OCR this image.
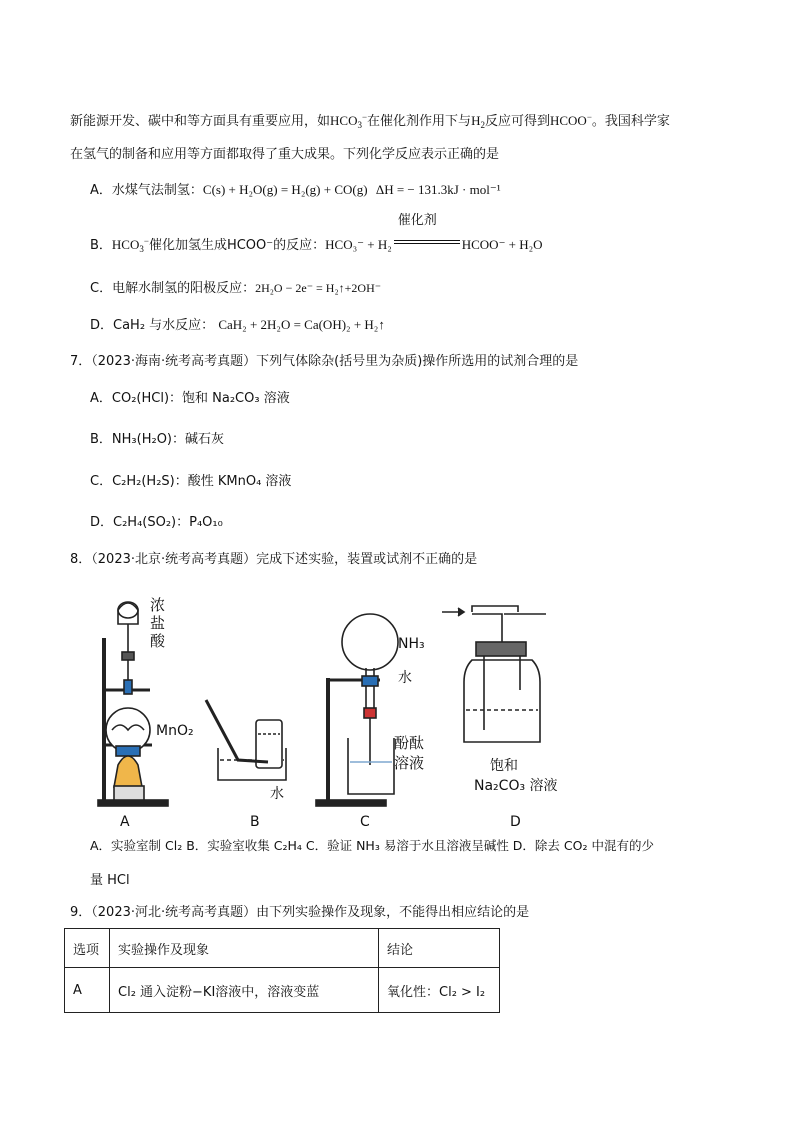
新能源开发、碳中和等方面具有重要应用，如$HCO_3^-$在催化剂作用下与$H_2$反应可得到HCOO−。我国科学家
在氢气的制备和应用等方面都取得了重大成果。下列化学反应表示正确的是
A．水煤气法制氢：C(s) + H₂O(g) = H₂(g) + CO(g) ΔH = − 131.3kJ · mol⁻¹
B．$HCO_3^-$催化加氢生成HCOO⁻的反应：HCO₃⁻ + H₂
催化剂
HCOO⁻ + H₂O
C．电解水制氢的阳极反应：2H₂O − 2e⁻ = H₂↑+2OH⁻
D．CaH₂ 与水反应： CaH₂ + 2H₂O = Ca(OH)₂ + H₂↑
7．（2023·海南·统考高考真题）下列气体除杂(括号里为杂质)操作所选用的试剂合理的是
A．CO₂(HCl)：饱和 Na₂CO₃ 溶液
B．NH₃(H₂O)：碱石灰
C．C₂H₂(H₂S)：酸性 KMnO₄ 溶液
D．C₂H₄(SO₂)：P₄O₁₀
8．（2023·北京·统考高考真题）完成下述实验，装置或试剂不正确的是
浓
盐
酸
MnO₂
A
水
B
NH₃
水
酚酞
溶液
C
饱和
Na₂CO₃ 溶液
D
A．实验室制 Cl₂ B．实验室收集 C₂H₄ C．验证 NH₃ 易溶于水且溶液呈碱性 D．除去 CO₂ 中混有的少
量 HCl
9．（2023·河北·统考高考真题）由下列实验操作及现象，不能得出相应结论的是
选项	实验操作及现象	结论
A	Cl₂ 通入淀粉−KI溶液中，溶液变蓝	氧化性：Cl₂ > I₂
